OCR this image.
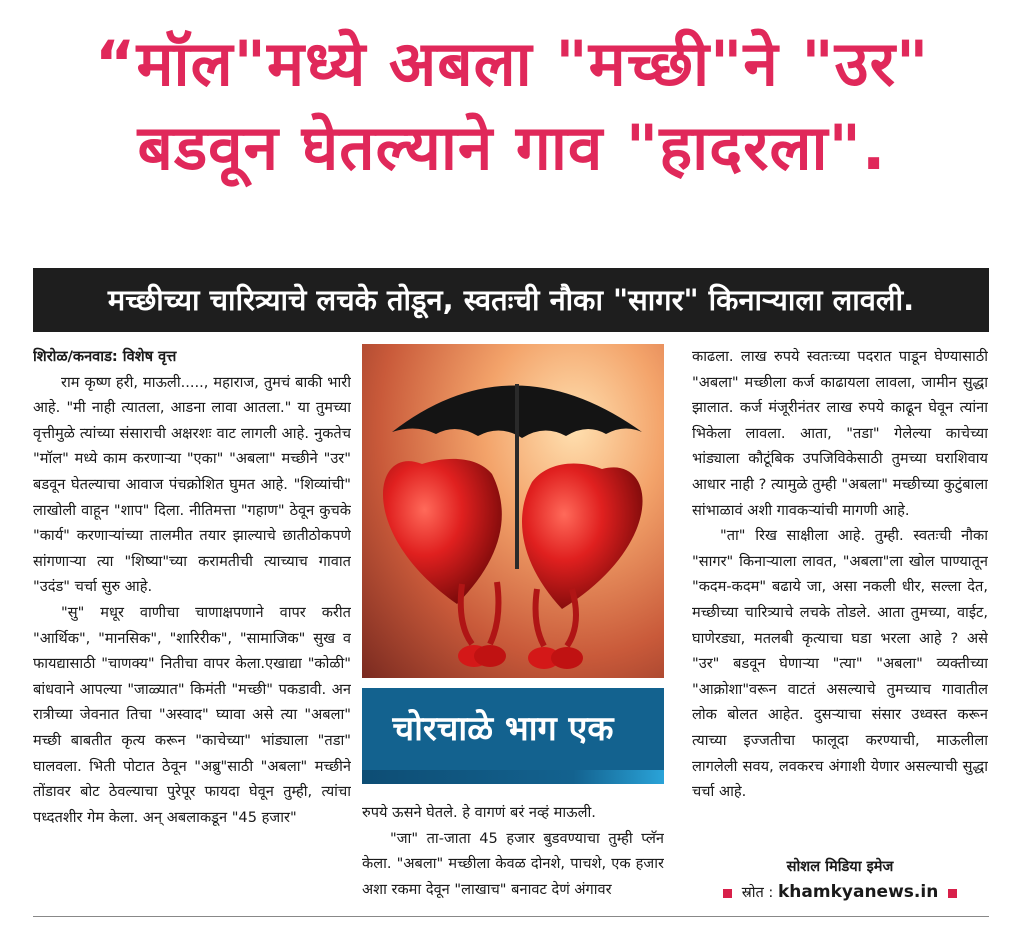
“मॉल"मध्ये अबला "मच्छी"ने "उर"
बडवून घेतल्याने गाव "हादरला".
मच्छीच्या चारित्र्याचे लचके तोडून, स्वतःची नौका "सागर" किनाऱ्याला लावली.

शिरोळ/कनवाड: विशेष वृत्त

राम कृष्ण हरी, माऊली....., महाराज, तुमचं बाकी भारी आहे. "मी नाही त्यातला, आडना लावा आतला." या तुमच्या वृत्तीमुळे त्यांच्या संसाराची अक्षरशः वाट लागली आहे. नुकतेच "मॉल" मध्ये काम करणाऱ्या "एका" "अबला" मच्छीने "उर" बडवून घेतल्याचा आवाज पंचक्रोशित घुमत आहे. "शिव्यांची" लाखोली वाहून "शाप" दिला. नीतिमत्ता "गहाण" ठेवून कुचके "कार्य" करणाऱ्यांच्या तालमीत तयार झाल्याचे छातीठोकपणे सांगणाऱ्या त्या "शिष्या"च्या करामतीची त्याच्याच गावात "उदंड" चर्चा सुरु आहे.

"सु" मधूर वाणीचा चाणाक्षपणाने वापर करीत "आर्थिक", "मानसिक", "शारिरीक", "सामाजिक" सुख व फायद्यासाठी "चाणक्य" नितीचा वापर केला.एखाद्या "कोळी" बांधवाने आपल्या "जाळ्यात" किमंती "मच्छी" पकडावी. अन रात्रीच्या जेवनात तिचा "अस्वाद" घ्यावा असे त्या "अबला" मच्छी बाबतीत कृत्य करून "काचेच्या" भांड्याला "तडा" घालवला. भिती पोटात ठेवून "अब्रु"साठी "अबला" मच्छीने तोंडावर बोट ठेवल्याचा पुरेपूर फायदा घेवून तुम्ही, त्यांचा पध्दतशीर गेम केला. अन् अबलाकडून "45 हजार"

चोरचाळे भाग एक

रुपये ऊसने घेतले. हे वागणं बरं नव्हं माऊली.

"जा" ता-जाता 45 हजार बुडवण्याचा तुम्ही प्लॅन केला. "अबला" मच्छीला केवळ दोनशे, पाचशे, एक हजार अशा रकमा देवून "लाखाच" बनावट देणं अंगावर

काढला. लाख रुपये स्वतःच्या पदरात पाडून घेण्यासाठी "अबला" मच्छीला कर्ज काढायला लावला, जामीन सुद्धा झालात. कर्ज मंजूरीनंतर लाख रुपये काढून घेवून त्यांना भिकेला लावला. आता, "तडा" गेलेल्या काचेच्या भांड्याला कौटूंबिक उपजिविकेसाठी तुमच्या घराशिवाय आधार नाही ? त्यामुळे तुम्ही "अबला" मच्छीच्या कुटुंबाला सांभाळावं अशी गावकऱ्यांची मागणी आहे.

"ता" रिख साक्षीला आहे. तुम्ही. स्वतःची नौका "सागर" किनाऱ्याला लावत, "अबला"ला खोल पाण्यातून "कदम-कदम" बढाये जा, असा नकली धीर, सल्ला देत, मच्छीच्या चारित्र्याचे लचके तोडले. आता तुमच्या, वाईट, घाणेरड्या, मतलबी कृत्याचा घडा भरला आहे ? असे "उर" बडवून घेणाऱ्या "त्या" "अबला" व्यक्तीच्या "आक्रोशा"वरून वाटतं असल्याचे तुमच्याच गावातील लोक बोलत आहेत. दुसऱ्याचा संसार उध्वस्त करून त्याच्या इज्जतीचा फालूदा करण्याची, माऊलीला लागलेली सवय, लवकरच अंगाशी येणार असल्याची सुद्धा चर्चा आहे.

सोशल मिडिया इमेज
स्रोत : khamkyanews.in
